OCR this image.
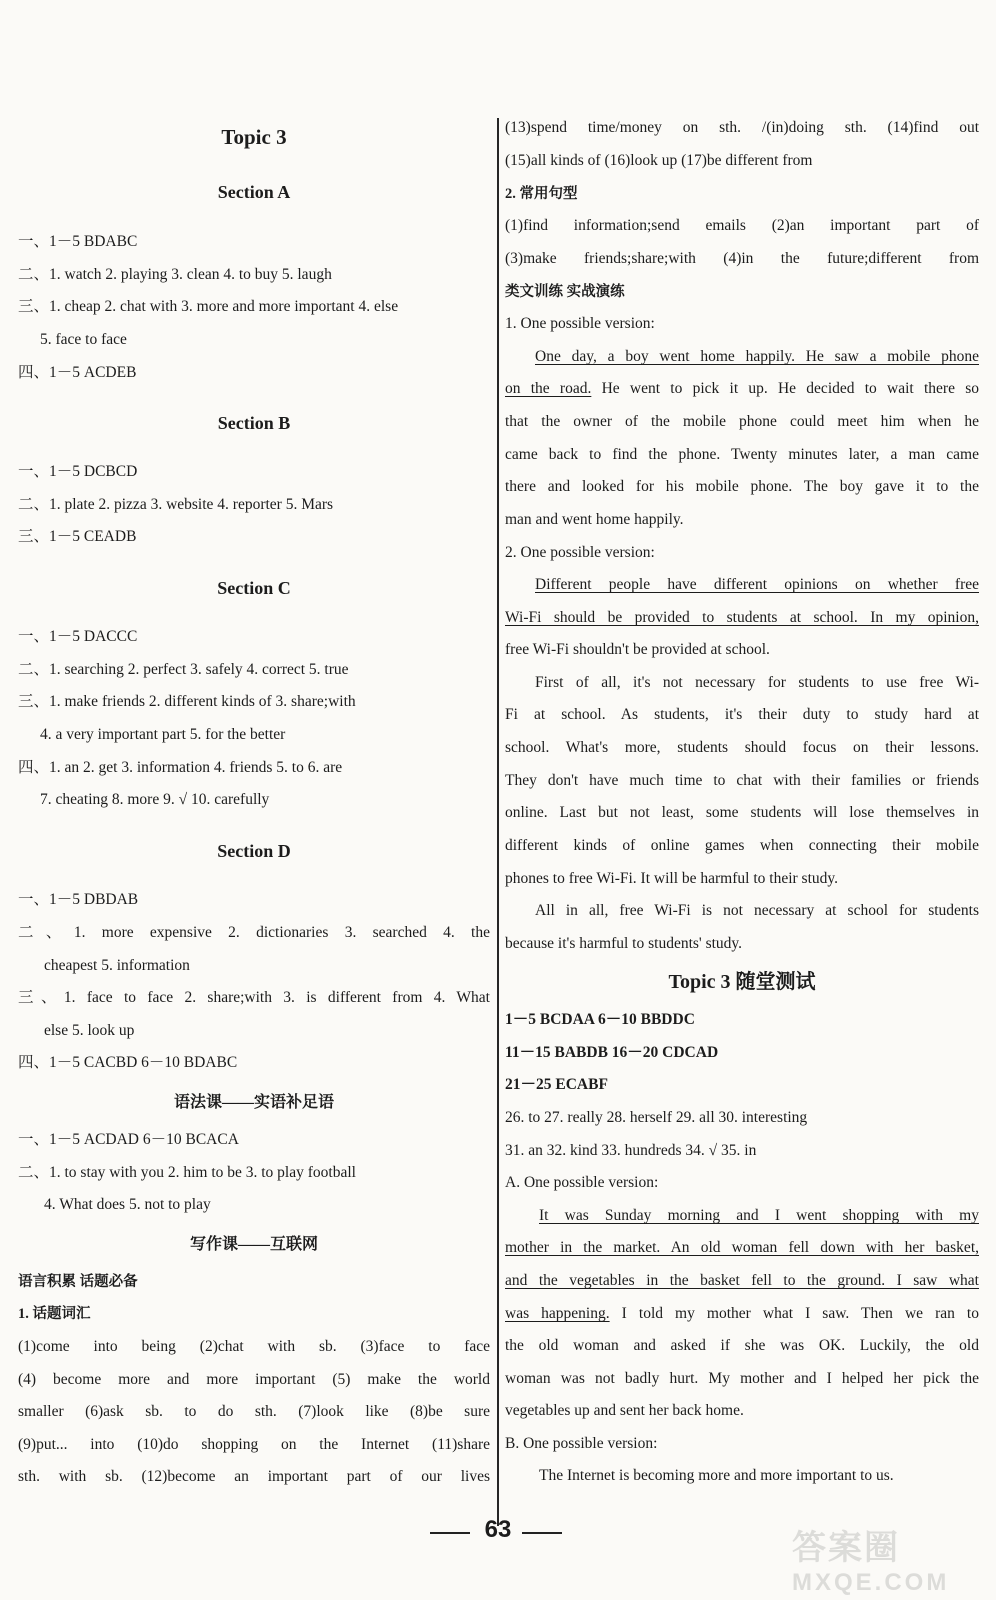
Topic 3
Section A
一、1－5 BDABC
二、1. watch 2. playing 3. clean 4. to buy 5. laugh
三、1. cheap 2. chat with 3. more and more important 4. else
5. face to face
四、1－5 ACDEB
Section B
一、1－5 DCBCD
二、1. plate 2. pizza 3. website 4. reporter 5. Mars
三、1－5 CEADB
Section C
一、1－5 DACCC
二、1. searching 2. perfect 3. safely 4. correct 5. true
三、1. make friends 2. different kinds of 3. share;with
4. a very important part 5. for the better
四、1. an 2. get 3. information 4. friends 5. to 6. are
7. cheating 8. more 9. √ 10. carefully
Section D
一、1－5 DBDAB
二、1. more expensive 2. dictionaries 3. searched 4. the
cheapest 5. information
三、1. face to face 2. share;with 3. is different from 4. What
else 5. look up
四、1－5 CACBD 6－10 BDABC
语法课——实语补足语
一、1－5 ACDAD 6－10 BCACA
二、1. to stay with you 2. him to be 3. to play football
4. What does 5. not to play
写作课——互联网
语言积累 话题必备
1. 话题词汇
(1)come into being (2)chat with sb. (3)face to face
(4) become more and more important (5) make the world
smaller (6)ask sb. to do sth. (7)look like (8)be sure
(9)put... into (10)do shopping on the Internet (11)share
sth. with sb. (12)become an important part of our lives
(13)spend time/money on sth. /(in)doing sth. (14)find out
(15)all kinds of (16)look up (17)be different from
2. 常用句型
(1)find information;send emails (2)an important part of
(3)make friends;share;with (4)in the future;different from
类文训练 实战演练
1. One possible version:
One day, a boy went home happily. He saw a mobile phone
on the road. He went to pick it up. He decided to wait there so
that the owner of the mobile phone could meet him when he
came back to find the phone. Twenty minutes later, a man came
there and looked for his mobile phone. The boy gave it to the
man and went home happily.
2. One possible version:
Different people have different opinions on whether free
Wi-Fi should be provided to students at school. In my opinion,
free Wi-Fi shouldn't be provided at school.
First of all, it's not necessary for students to use free Wi-
Fi at school. As students, it's their duty to study hard at
school. What's more, students should focus on their lessons.
They don't have much time to chat with their families or friends
online. Last but not least, some students will lose themselves in
different kinds of online games when connecting their mobile
phones to free Wi-Fi. It will be harmful to their study.
All in all, free Wi-Fi is not necessary at school for students
because it's harmful to students' study.
Topic 3 随堂测试
1－5 BCDAA 6－10 BBDDC
11－15 BABDB 16－20 CDCAD
21－25 ECABF
26. to 27. really 28. herself 29. all 30. interesting
31. an 32. kind 33. hundreds 34. √ 35. in
A. One possible version:
It was Sunday morning and I went shopping with my
mother in the market. An old woman fell down with her basket,
and the vegetables in the basket fell to the ground. I saw what
was happening. I told my mother what I saw. Then we ran to
the old woman and asked if she was OK. Luckily, the old
woman was not badly hurt. My mother and I helped her pick the
vegetables up and sent her back home.
B. One possible version:
The Internet is becoming more and more important to us.
63	答案圈
MXQE.COM
